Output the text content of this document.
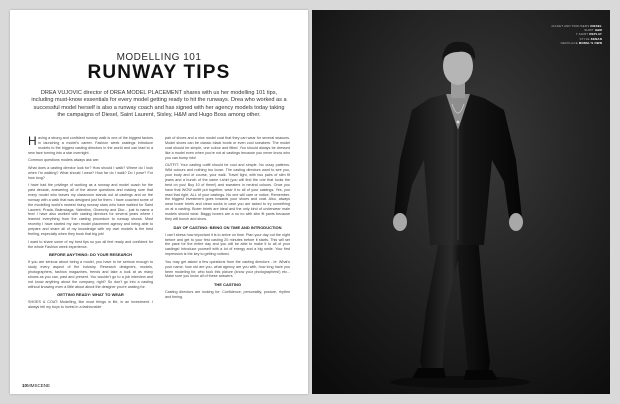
MODELLING 101
RUNWAY TIPS

DREA VUJOVIC director of DREA MODEL PLACEMENT shares with us her modelling 101 tips, including must-know essentials for every model getting ready to hit the runways. Drea who worked as a successful model herself is also a runway coach and has signed with her agency models today taking the campaigns of Diesel, Saint Laurent, Sisley, H&M and Hugo Boss among other.

Having a strong and confident runway walk is one of the biggest factors in launching a model's career. Fashion week castings introduce models to the biggest casting directors in the world and can lead to a new face turning into a star overnight.

Common questions models always ask are:

What does a casting director look for? How should I walk? Where do I look when I'm walking? What should I wear? How far do I walk? Do I pose? For how long?

I have had the privilege of working as a runway and model coach for the past decade, answering all of the above questions and making sure that every model who leaves my classroom stands out at castings and on the runway with a walk that was designed just for them. I have coached some of the modelling world's newest rising runway stars who have walked for Saint Laurent, Prada, Balenciaga, Valentino, Givenchy and Dior... just to name a few! I have also worked with casting directors for several years where I learned everything from the casting procedure to runway shows. Most recently I have started my own model placement agency and being able to prepare and share all of my knowledge with my own models is the best feeling, especially when they book that big job!

I want to share some of my best tips so you all feel ready and confident for the whole Fashion week experience.

BEFORE ANYTHING: DO YOUR RESEARCH

If you are serious about being a model, you have to be serious enough to study every aspect of the industry. Research designers, models, photographers, fashion magazines, trends and take a look at as many shows as you can, past and present. You wouldn't go to a job interview and not know anything about the company, right? So don't go into a casting without knowing even a little about about the designer you're casting for.

GETTING READY: WHAT TO WEAR

SHOES & COAT: Modelling, like most things in life, is an investment. I always tell my boys to invest in a fashionable

pair of shoes and a nice model coat that they can wear for several seasons. Model shoes can be classic black boots or even cool sneakers. The model coat should be simple, one colour and fitted. You should always be dressed like a model even when you're not at castings because you never know who you can bump into!

OUTFIT: Your casting outfit should be cool and simple. No crazy patterns. Wild colours and nothing too loose. The casting directors want to see you, your body and of course, your walk. Travel light, with two pairs of slim fit jeans and a bunch of the same t-shirt (you will find the one that looks the best on you! Buy 10 of them!) and sweaters in neutral colours. Once you have that WOW outfit put together, wear it to all of your castings. Yes, you read that right, ALL of your castings. No one will care or notice. Remember, the biggest investment goes towards your shoes and coat. Also, always wear boxer briefs and clean socks in case you are asked to try something on at a casting. Boxer briefs are ideal and the only kind of underwear male models should wear. Baggy boxers are a no no with slim fit pants because they will bunch and show.

DAY OF CASTING: BEING ON TIME AND INTRODUCTION

I can't stress how important it is to arrive on time. Plan your day out the night before and get to your first casting 20 minutes before it starts. This will set the pace for the entire day and you will be able to make it to all of your castings! Introduce yourself with a lot of energy and a big smile. Your first impression is the key to getting noticed.

You may get asked a few questions from the casting directors - ie: What's your name, how old are you, what agency are you with, how long have you been modeling for, who took this picture (know your photographers!) etc... Make sure you know all of these answers.

THE CASTING

Casting directors are looking for: Confidence, personality, posture, rhythm and timing.

10MMSCENE
JACKET AND TROUSERS DIESEL
SHIRT H&M
T-SHIRT REPLAY
STYLE KENAN
NECKLACE MODEL'S OWN
